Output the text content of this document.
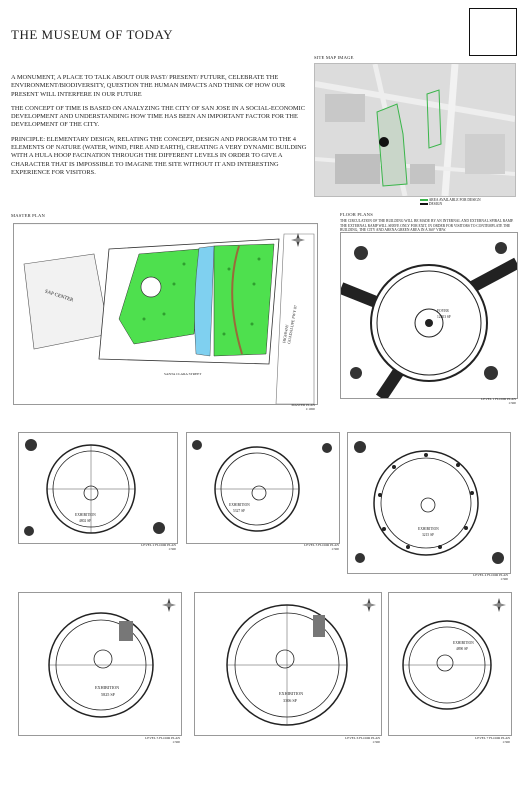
THE MUSEUM OF TODAY

A MONUMENT, A PLACE TO TALK ABOUT OUR PAST/ PRESENT/ FUTURE, CELEBRATE THE ENVIRONMENT/BIODIVERSITY, QUESTION THE HUMAN IMPACTS AND THINK OF HOW OUR PRESENT WILL INTERFERE IN OUR FUTURE

THE CONCEPT OF TIME IS BASED ON ANALYZING THE CITY OF SAN JOSE IN A SOCIAL-ECONOMIC DEVELOPMENT AND UNDERSTANDING HOW TIME HAS BEEN AN IMPORTANT FACTOR FOR THE DEVELOPMENT OF THE CITY.

PRINCIPLE: ELEMENTARY DESIGN, RELATING THE CONCEPT, DESIGN AND PROGRAM TO THE 4 ELEMENTS OF NATURE (WATER, WIND, FIRE AND EARTH), CREATING A VERY DYNAMIC BUILDING WITH A HULA HOOP FACINATION THROUGH THE DIFFERENT LEVELS IN ORDER TO GIVE A CHARACTER THAT IS IMPOSSIBLE TO IMAGINE THE SITE WITHOUT IT AND INTERESTING EXPERIENCE FOR VISITORS.

SITE MAP IMAGE
AREA AVAILABLE FOR DESIGN
DESIGN
MASTER PLAN
SAP CENTER
HIGHWAY
GUADALUPE PWY 87
SANTA CLARA STREET
MASTER PLAN
1:1000
FLOOR PLANS
THE CIRCULATION OF THE BUILDING WILL BE MADE BY AN INTERNAL AND EXTERNAL SPIRAL RAMP. THE EXTERNAL RAMP WILL SERVE ONLY FOR EXIT, IN ORDER FOR VISITORS TO CONTEMPLATE THE BUILDING, THE CITY AND ARENA GREEN AREA IN A 360° VIEW.
FOYER
12203 SF
LEVEL 1 FLOOR PLAN
1:300
EXHIBITION
4802 SF
LEVEL 2 FLOOR PLAN
1:300
EXHIBITION
5327 SF
LEVEL 3 FLOOR PLAN
1:300
EXHIBITION
3215 SF
LEVEL 4 FLOOR PLAN
1:300
EXHIBITION
5825 SF
LEVEL 5 FLOOR PLAN
1:300
EXHIBITION
3306 SF
LEVEL 6 FLOOR PLAN
1:300
EXHIBITION
4890 SF
LEVEL 7 FLOOR PLAN
1:300
